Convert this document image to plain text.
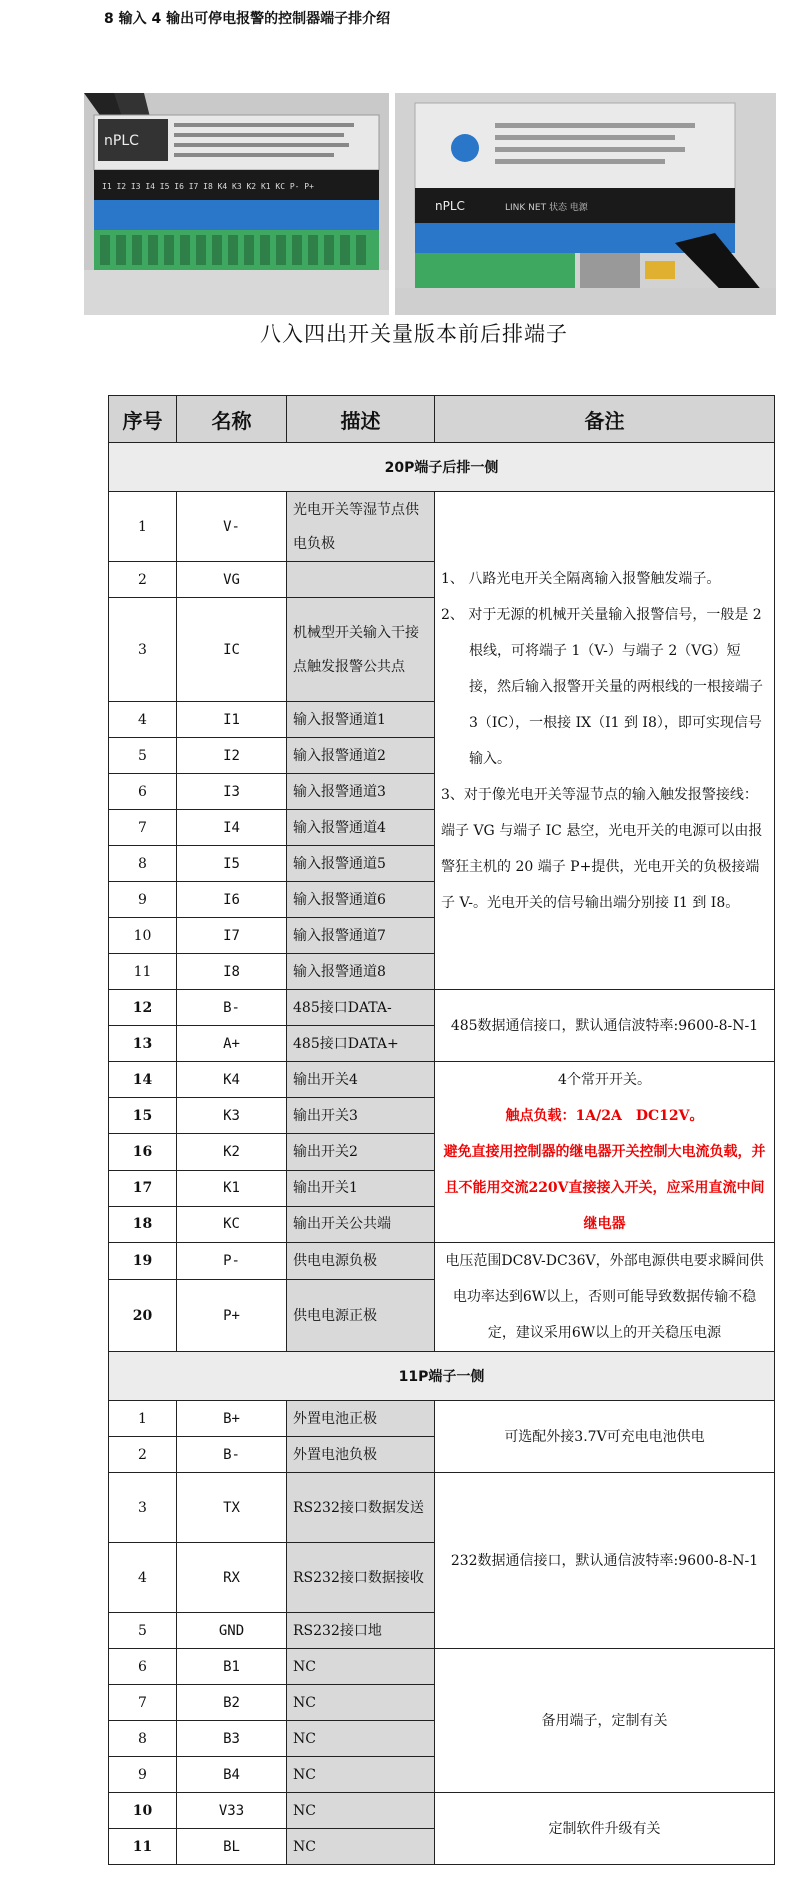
8 输入 4 输出可停电报警的控制器端子排介绍
nPLC
I1 I2 I3 I4 I5 I6 I7 I8 K4 K3 K2 K1 KC P- P+
nPLC	LINK NET 状态 电源
八入四出开关量版本前后排端子
序号	名称	描述	备注
20P端子后排一侧			
1	V-	光电开关等湿节点供电负极	1、 八路光电开关全隔离输入报警触发端子。

2、 对于无源的机械开关量输入报警信号，一般是 2 根线，可将端子 1（V-）与端子 2（VG）短接，然后输入报警开关量的两根线的一根接端子 3（IC），一根接 IX（I1 到 I8），即可实现信号输入。

3、对于像光电开关等湿节点的输入触发报警接线：端子 VG 与端子 IC 悬空，光电开关的电源可以由报警狂主机的 20 端子 P+提供，光电开关的负极接端子 V-。光电开关的信号输出端分别接 I1 到 I8。

2	VG		
3	IC	机械型开关输入干接点触发报警公共点	
4	I1	输入报警通道1	
5	I2	输入报警通道2	
6	I3	输入报警通道3	
7	I4	输入报警通道4	
8	I5	输入报警通道5	
9	I6	输入报警通道6	
10	I7	输入报警通道7	
11	I8	输入报警通道8	
12	B-	485接口DATA-	485数据通信接口，默认通信波特率:9600-8-N-1
13	A+	485接口DATA+	
14	K4	输出开关4	4个常开开关。

触点负载：1A/2A　DC12V。

避免直接用控制器的继电器开关控制大电流负载，并且不能用交流220V直接接入开关，应采用直流中间继电器

15	K3	输出开关3	
16	K2	输出开关2	
17	K1	输出开关1	
18	KC	输出开关公共端	
19	P-	供电电源负极	电压范围DC8V-DC36V，外部电源供电要求瞬间供电功率达到6W以上，否则可能导致数据传输不稳定，建议采用6W以上的开关稳压电源
20	P+	供电电源正极	
11P端子一侧			
1	B+	外置电池正极	可选配外接3.7V可充电电池供电
2	B-	外置电池负极	
3	TX	RS232接口数据发送	232数据通信接口，默认通信波特率:9600-8-N-1
4	RX	RS232接口数据接收	
5	GND	RS232接口地	
6	B1	NC	备用端子，定制有关
7	B2	NC	
8	B3	NC	
9	B4	NC	
10	V33	NC	定制软件升级有关
11	BL	NC	
